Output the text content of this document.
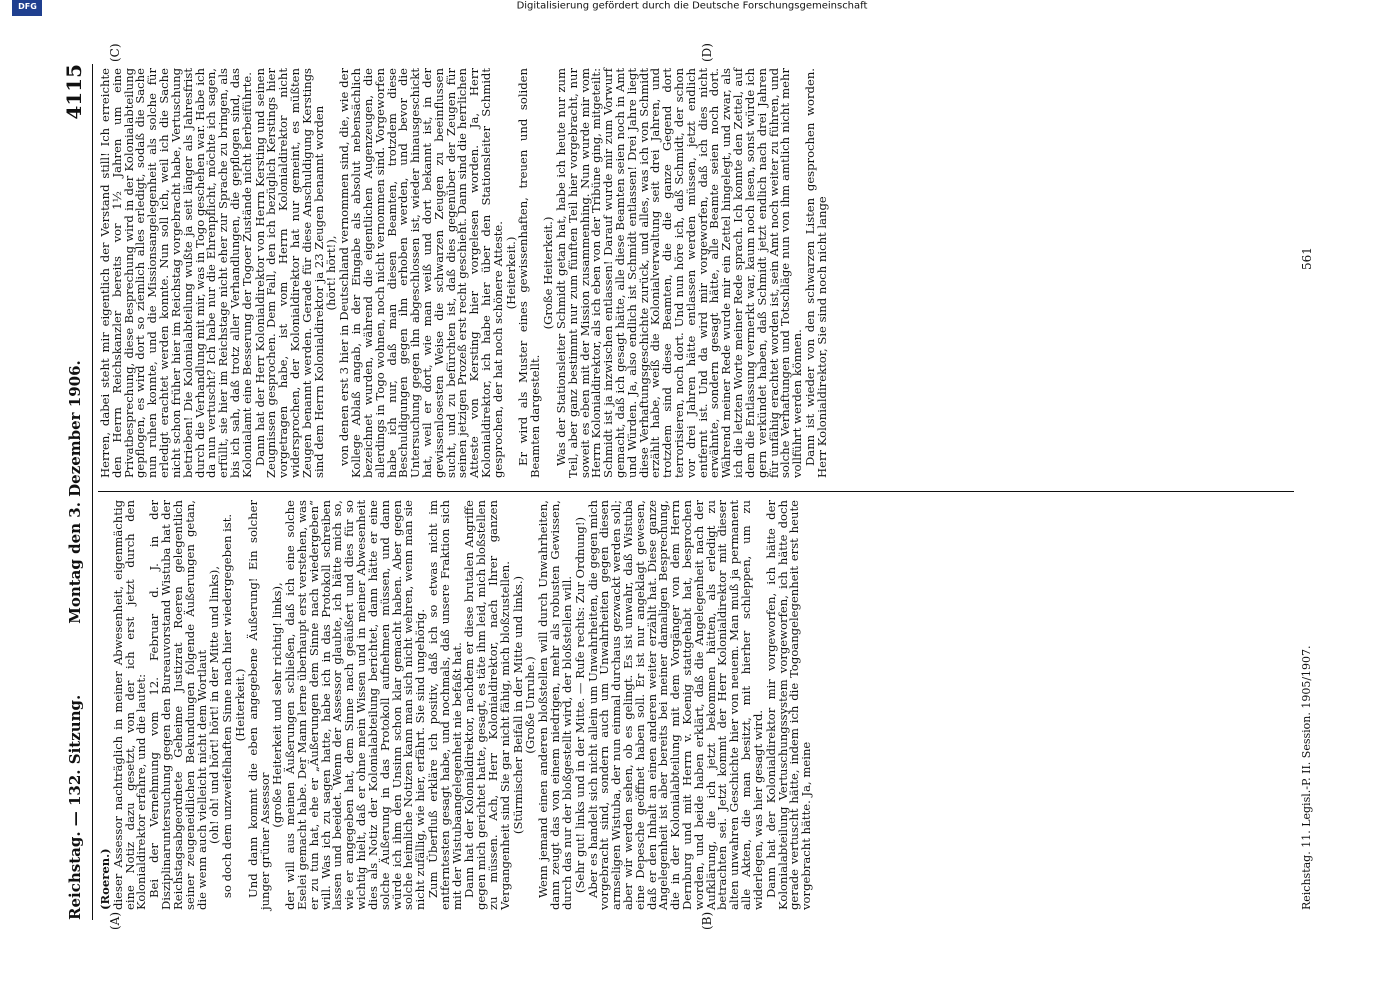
Reichstag. — 132. Sitzung.
Montag den 3. Dezember 1906.
4115
(A)	(B)
(C)	(D)

(Roeren.)

dieser Assessor nachträglich in meiner Abwesenheit, eigenmächtig eine Notiz dazu gesetzt, von der ich erst jetzt durch den Kolonialdirektor erfahre, und die lautet:

Bei der Vernehmung vom 12. Februar d. J. in der Disziplinaruntersuchung gegen den Bureauvorstand Wistuba hat der Reichstagsabgeordnete Geheime Justizrat Roeren gelegentlich seiner zeugeneidlichen Bekundungen folgende Äußerungen getan, die wenn auch vielleicht nicht dem Wortlaut

(oh! oh! und hört! hört! in der Mitte und links),

so doch dem unzweifelhaften Sinne nach hier wiedergegeben ist.

(Heiterkeit.)

Und dann kommt die eben angegebene Äußerung! Ein solcher junger grüner Assessor

(große Heiterkeit und sehr richtig! links),

der will aus meinen Äußerungen schließen, daß ich eine solche Eselei gemacht habe. Der Mann lerne überhaupt erst verstehen, was er zu tun hat, ehe er „Äußerungen dem Sinne nach wiedergeben“ will. Was ich zu sagen hatte, habe ich in das Protokoll schreiben lassen und beeidet. Wenn der Assessor glaubte, ich hätte mich so, wie er angegeben hat, dem Sinne nach geäußert und dies für so wichtig hielt, daß er ohne mein Wissen und in meiner Abwesenheit dies als Notiz der Kolonialabteilung berichtet, dann hätte er eine solche Äußerung in das Protokoll aufnehmen müssen, und dann würde ich ihm den Unsinn schon klar gemacht haben. Aber gegen solche heimliche Notizen kann man sich nicht wehren, wenn man sie nicht zufällig, wie hier, erfährt. Sie sind ungehörig.

Zum Überfluß erkläre ich positiv, daß ich so etwas nicht im entferntesten gesagt habe, und nochmals, daß unsere Fraktion sich mit der Wistubaangelegenheit nie befaßt hat.

Dann hat der Kolonialdirektor, nachdem er diese brutalen Angriffe gegen mich gerichtet hatte, gesagt, es täte ihm leid, mich bloßstellen zu müssen. Ach, Herr Kolonialdirektor, nach Ihrer ganzen Vergangenheit sind Sie gar nicht fähig, mich bloßzustellen.

(Stürmischer Beifall in der Mitte und links.)

(Große Unruhe.)

Wenn jemand einen anderen bloßstellen will durch Unwahrheiten, dann zeugt das von einem niedrigen, mehr als robusten Gewissen, durch das nur der bloßgestellt wird, der bloßstellen will.

(Sehr gut! links und in der Mitte. — Rufe rechts: Zur Ordnung!)

Aber es handelt sich nicht allein um Unwahrheiten, die gegen mich vorgebracht sind, sondern auch um Unwahrheiten gegen diesen armseligen Wistuba, der nun einmal durchaus gezwackt werden soll; aber wir werden sehen, ob es gelingt. Es ist unwahr, daß Wistuba eine Depesche geöffnet haben soll. Er ist nur angeklagt gewesen, daß er den Inhalt an einen anderen weiter erzählt hat. Diese ganze Angelegenheit ist aber bereits bei meiner damaligen Besprechung, die in der Kolonialabteilung mit dem Vorgänger von dem Herrn Dernburg und mit Herrn v. Koenig stattgehabt hat, besprochen worden, und beide haben erklärt, daß die Angelegenheit nach der Aufklärung, die ich jetzt bekommen hätten, als erledigt zu betrachten sei. Jetzt kommt der Herr Kolonialdirektor mit dieser alten unwahren Geschichte hier von neuem. Man muß ja permanent alle Akten, die man besitzt, mit hierher schleppen, um zu widerlegen, was hier gesagt wird.

Dann hat der Kolonialdirektor mir vorgeworfen, ich hätte der Kolonialabteilung Vertuschungssystem vorgeworfen, ich hätte doch gerade vertuscht hätte, indem ich die Togoangelegenheit erst heute vorgebracht hätte. Ja, meine

Herren, dabei steht mir eigentlich der Verstand still! Ich erreichte den Herrn Reichskanzler bereits vor 1½ Jahren um eine Privatbesprechung, diese Besprechung wird in der Kolonialabteilung gepflogen, es wird dort so ziemlich alles erledigt, sodaß die Sache nun ruhen konnte, und die Missionsangelegenheit als solche für erledigt erachtet werden konnte. Nun soll ich, weil ich die Sache nicht schon früher hier im Reichstag vorgebracht habe, Vertuschung betrieben! Die Kolonialabteilung wußte ja seit länger als Jahresfrist durch die Verhandlung mit mir, was in Togo geschehen war. Habe ich da nun vertuscht? Ich habe nur die Ehrenpflicht, möchte ich sagen, erfüllt, sie hier im Reichstage nicht eher zur Sprache zu bringen, als bis ich sah, daß trotz aller Verhandlungen, die gepflogen sind, das Kolonialamt eine Besserung der Togoer Zustände nicht herbeiführte.

Dann hat der Herr Kolonialdirektor von Herrn Kersting und seinen Zeugnissen gesprochen. Dem Fall, den ich bezüglich Kerstings hier vorgetragen habe, ist vom Herrn Kolonialdirektor nicht widersprochen, der Kolonialdirektor hat nur gemeint, es müßten Zeugen benannt werden. Gerade für diese Anschuldigung Kerstings sind dem Herrn Kolonialdirektor ja 23 Zeugen benannt worden

(hört! hört!),

von denen erst 3 hier in Deutschland vernommen sind, die, wie der Kollege Ablaß angab, in der Eingabe als absolut nebensächlich bezeichnet wurden, während die eigentlichen Augenzeugen, die allerdings in Togo wohnen, noch nicht vernommen sind. Vorgeworfen habe ich nur, daß man diesen Beamten, trotzdem diese Beschuldigungen gegen ihn erhoben werden, und bevor die Untersuchung gegen ihn abgeschlossen ist, wieder hinausgeschickt hat, weil er dort, wie man weiß und dort bekannt ist, in der gewissenlosesten Weise die schwarzen Zeugen zu beeinflussen sucht, und zu befürchten ist, daß dies gegenüber der Zeugen für seinen jetzigen Prozeß erst recht geschieht. Dann sind die herrlichen Atteste von Kersting hier vorgelesen worden. Ja, Herr Kolonialdirektor, ich habe hier über den Stationsleiter Schmidt gesprochen, der hat noch schönere Atteste.

(Heiterkeit.)

Er wird als Muster eines gewissenhaften, treuen und soliden Beamten dargestellt.

(Große Heiterkeit.)

Was der Stationsleiter Schmidt getan hat, habe ich heute nur zum Teil, aber ganz bestimmt nur zum fünften Teil hier vorgebracht, nur soweit es eben mit der Mission zusammenhing. Nun wurde mir vom Herrn Kolonialdirektor, als ich eben von der Tribüne ging, mitgeteilt: Schmidt ist ja inzwischen entlassen! Darauf wurde mir zum Vorwurf gemacht, daß ich gesagt hätte, alle diese Beamten seien noch in Amt und Würden. Ja, also endlich ist Schmidt entlassen! Drei Jahre liegt diese Verhaftungsgeschichte zurück, und alles, was ich von Schmidt erzählt habe, weiß die Kolonialverwaltung seit drei Jahren, und trotzdem sind diese Beamten, die die ganze Gegend dort terrorisieren, noch dort. Und nun höre ich, daß Schmidt, der schon vor drei Jahren hätte entlassen werden müssen, jetzt endlich entfernt ist. Und da wird mir vorgeworfen, daß ich dies nicht erwähnte, sondern gesagt hätte, alle Beamte seien noch dort. Während meiner Rede wurde mir ein Zettel hingelegt, und zwar, als ich die letzten Worte meiner Rede sprach. Ich konnte den Zettel, auf dem die Entlassung vermerkt war, kaum noch lesen, sonst würde ich gern verkündet haben, daß Schmidt jetzt endlich nach drei Jahren für unfähig erachtet worden ist, sein Amt noch weiter zu führen, und solche Verhaftungen und Totschläge nun von ihm amtlich nicht mehr vollführt werden können.

Dann ist wieder von den schwarzen Listen gesprochen worden. Herr Kolonialdirektor, Sie sind noch nicht lange

Reichstag. 11. Legisl.-P. II. Session. 1905/1907.
561
DFG	Digitalisierung gefördert durch die Deutsche Forschungsgemeinschaft
